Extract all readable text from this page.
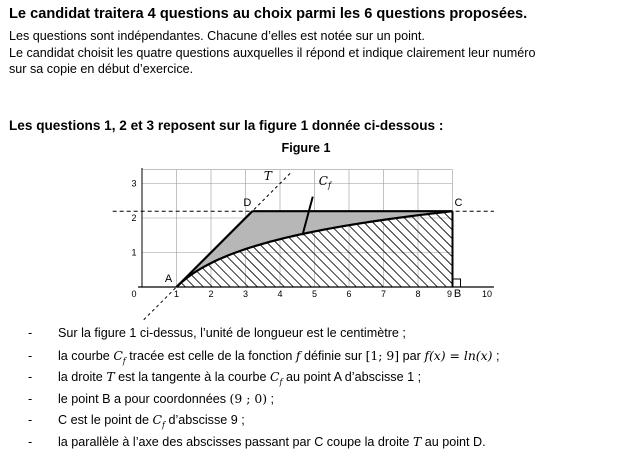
Le candidat traitera 4 questions au choix parmi les 6 questions proposées.
Les questions sont indépendantes. Chacune d’elles est notée sur un point.
Le candidat choisit les quatre questions auxquelles il répond et indique clairement leur numéro
sur sa copie en début d’exercice.
Les questions 1, 2 et 3 reposent sur la figure 1 donnée ci-dessous :
Figure 1
1	2	3	4	5	6	7	8	9	10
1
2
3
0
A
B
C
D
T	$C_f$
- Sur la figure 1 ci-dessus, l’unité de longueur est le centimètre ;
- la courbe $C_f$ tracée est celle de la fonction f définie sur [1; 9] par f(x) = ln(x) ;
- la droite T est la tangente à la courbe $C_f$ au point A d’abscisse 1 ;
- le point B a pour coordonnées (9 ; 0) ;
- C est le point de $C_f$ d’abscisse 9 ;
- la parallèle à l’axe des abscisses passant par C coupe la droite T au point D.
